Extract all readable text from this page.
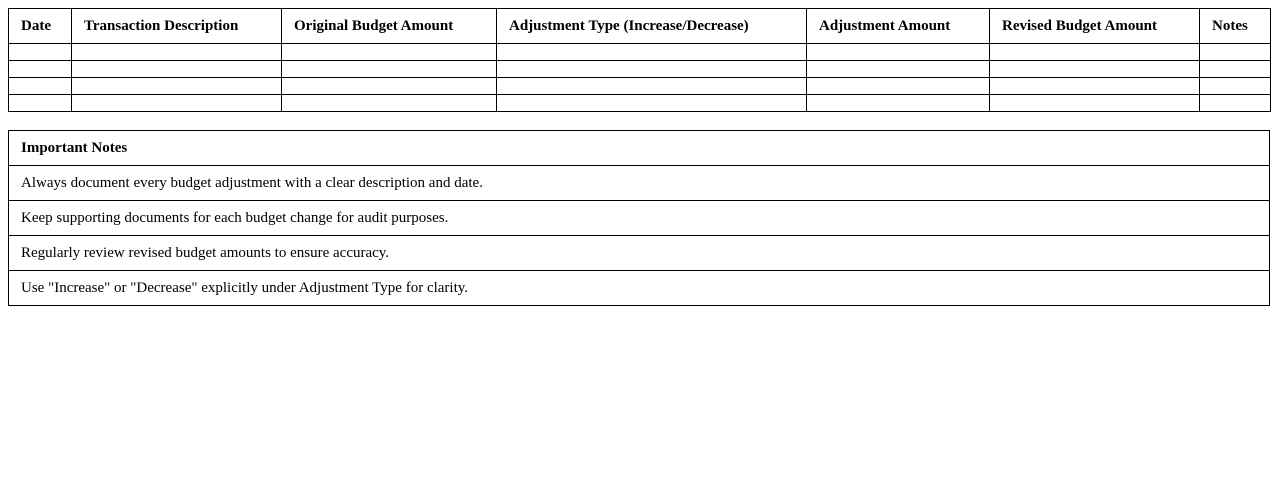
Date	Transaction Description	Original Budget Amount	Adjustment Type (Increase/Decrease)	Adjustment Amount	Revised Budget Amount	Notes

Important Notes
Always document every budget adjustment with a clear description and date.
Keep supporting documents for each budget change for audit purposes.
Regularly review revised budget amounts to ensure accuracy.
Use "Increase" or "Decrease" explicitly under Adjustment Type for clarity.
